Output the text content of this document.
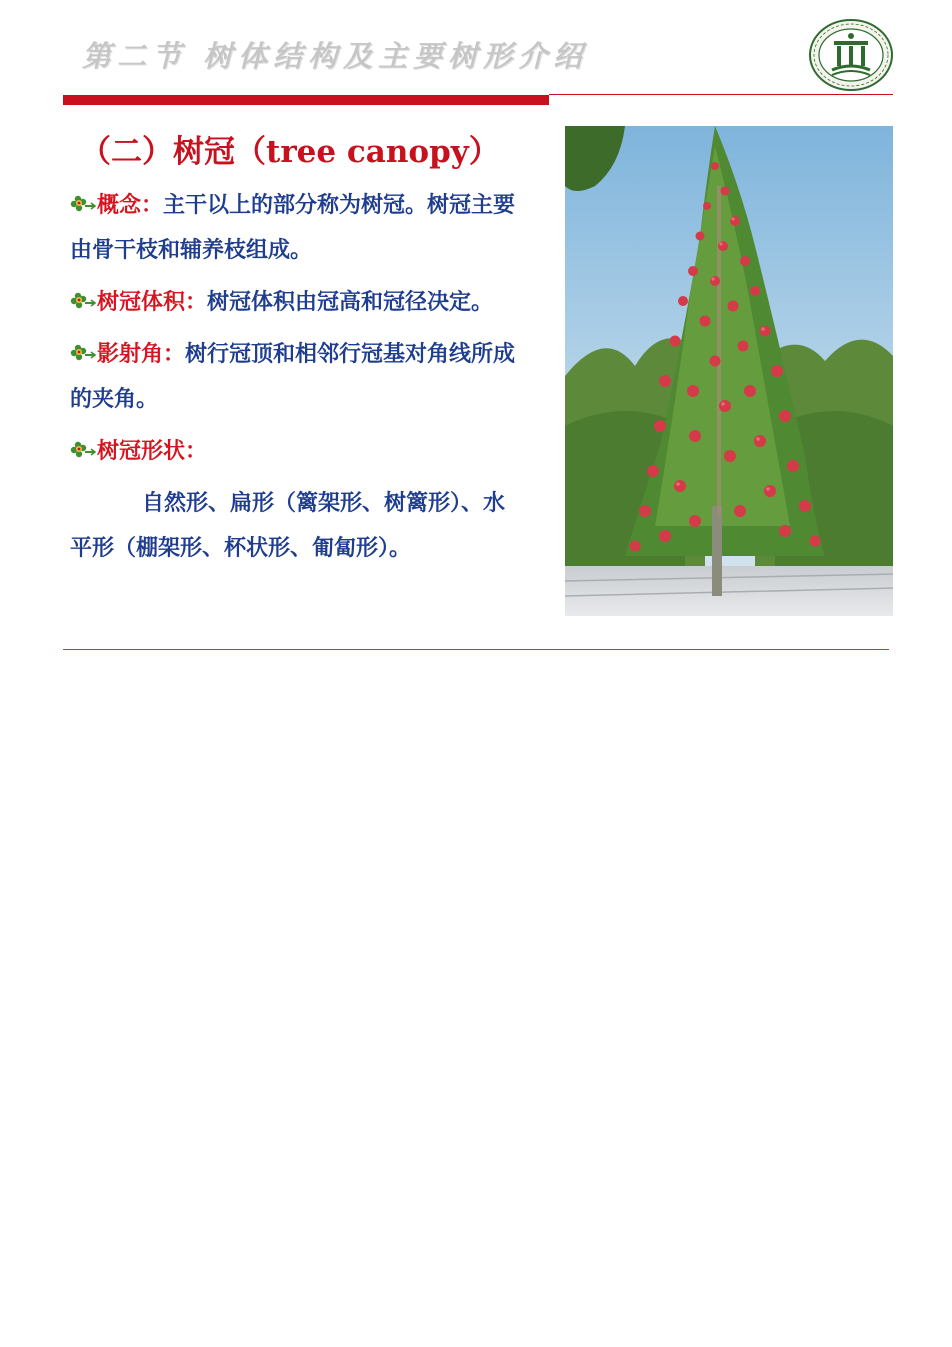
第二节 树体结构及主要树形介绍
（二）树冠（tree canopy）

概念：主干以上的部分称为树冠。树冠主要由骨干枝和辅养枝组成。

树冠体积：树冠体积由冠高和冠径决定。

影射角：树行冠顶和相邻行冠基对角线所成的夹角。

树冠形状：

自然形、扁形（篱架形、树篱形）、水平形（棚架形、杯状形、匍匐形）。
